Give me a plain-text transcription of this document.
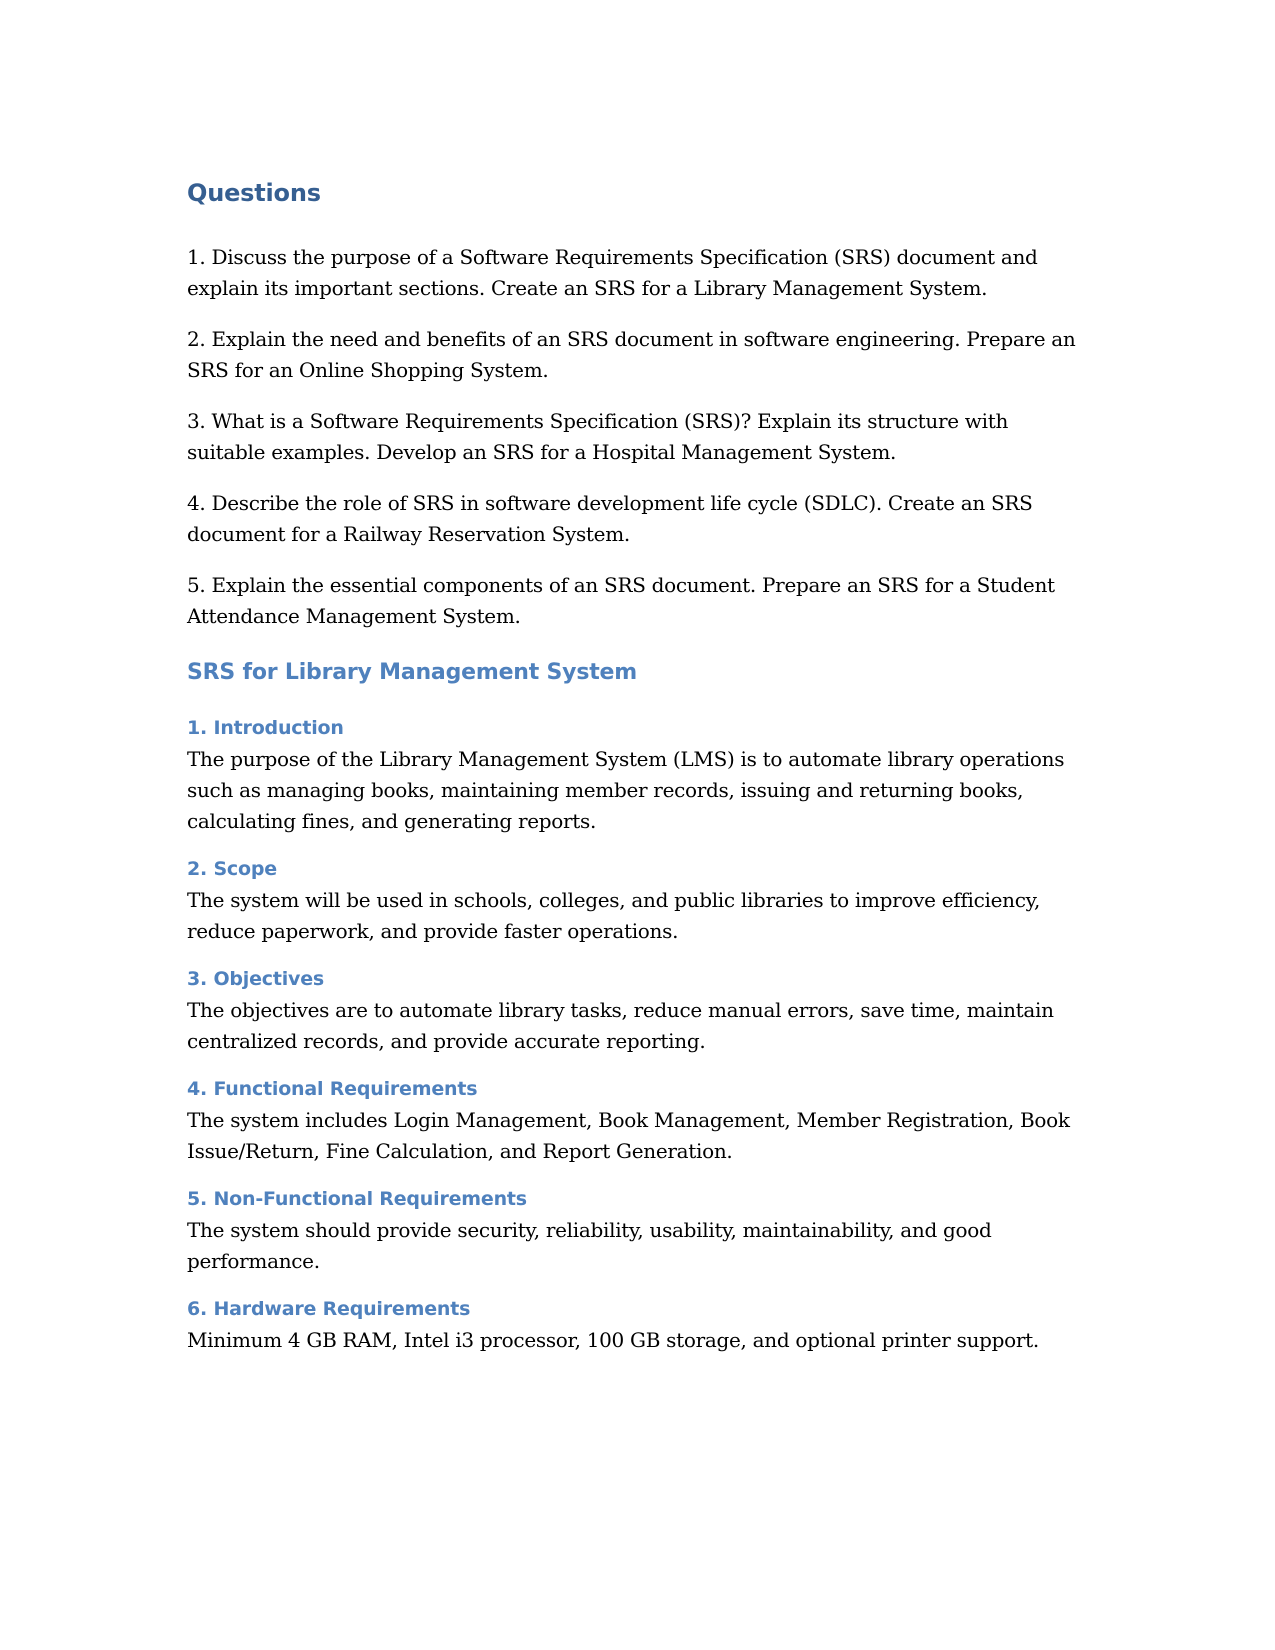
Questions

1. Discuss the purpose of a Software Requirements Specification (SRS) document and explain its important sections. Create an SRS for a Library Management System.

2. Explain the need and benefits of an SRS document in software engineering. Prepare an SRS for an Online Shopping System.

3. What is a Software Requirements Specification (SRS)? Explain its structure with suitable examples. Develop an SRS for a Hospital Management System.

4. Describe the role of SRS in software development life cycle (SDLC). Create an SRS document for a Railway Reservation System.

5. Explain the essential components of an SRS document. Prepare an SRS for a Student Attendance Management System.

SRS for Library Management System
1. Introduction

The purpose of the Library Management System (LMS) is to automate library operations such as managing books, maintaining member records, issuing and returning books, calculating fines, and generating reports.

2. Scope

The system will be used in schools, colleges, and public libraries to improve efficiency, reduce paperwork, and provide faster operations.

3. Objectives

The objectives are to automate library tasks, reduce manual errors, save time, maintain centralized records, and provide accurate reporting.

4. Functional Requirements

The system includes Login Management, Book Management, Member Registration, Book Issue/Return, Fine Calculation, and Report Generation.

5. Non-Functional Requirements

The system should provide security, reliability, usability, maintainability, and good performance.

6. Hardware Requirements

Minimum 4 GB RAM, Intel i3 processor, 100 GB storage, and optional printer support.
